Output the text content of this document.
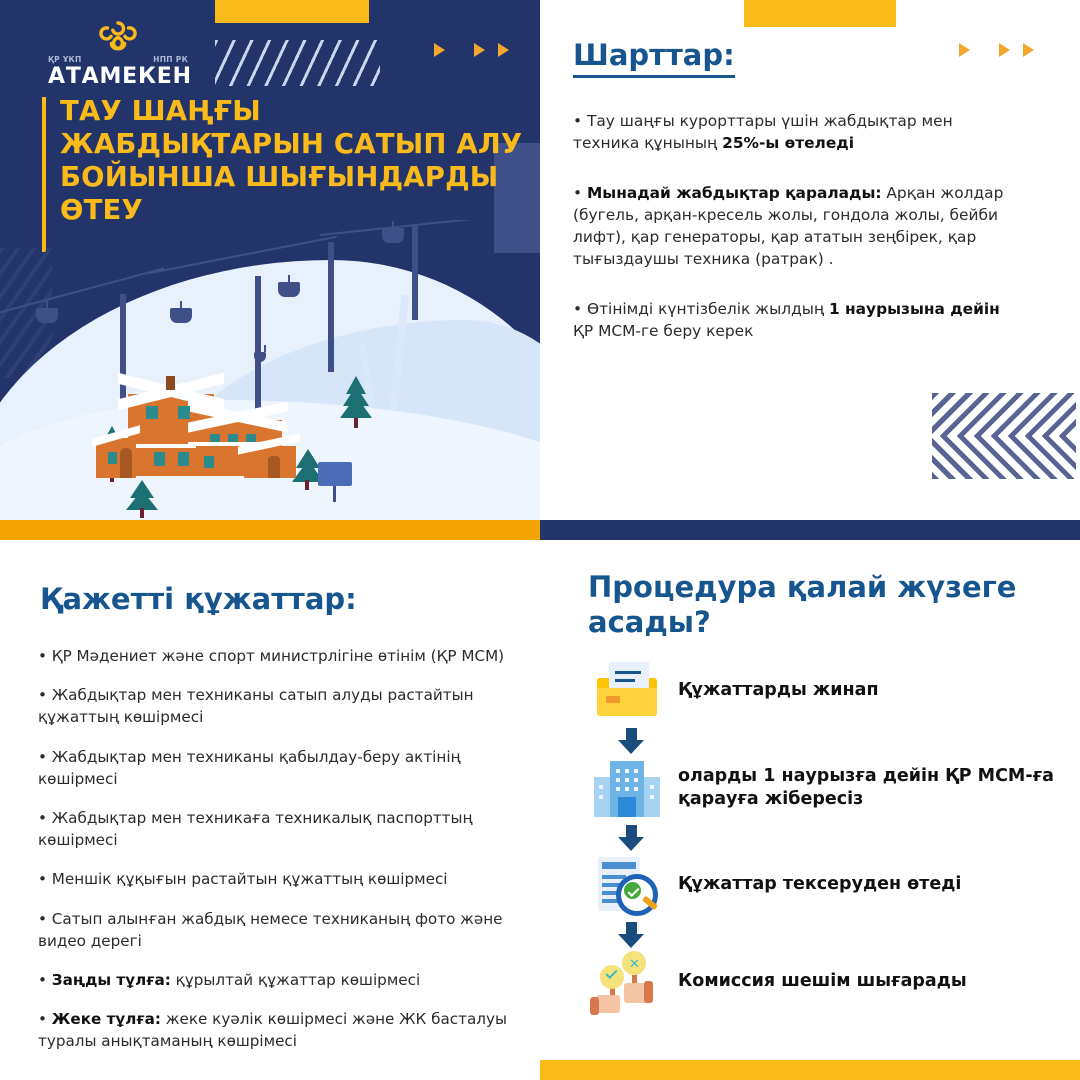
ҚР ҰКП	НПП РК
АТАМЕКЕН
ТАУ ШАҢҒЫ ЖАБДЫҚТАРЫН САТЫП АЛУ БОЙЫНША ШЫҒЫНДАРДЫ ӨТЕУ
Шарттар:

• Тау шаңғы курорттары үшін жабдықтар мен техника құнының 25%-ы өтеледі

• Мынадай жабдықтар қаралады: Арқан жолдар (бугель, арқан-кресель жолы, гондола жолы, бейби лифт), қар генераторы, қар ататын зеңбірек, қар тығыздаушы техника (ратрак) .

• Өтінімді күнтізбелік жылдың 1 наурызына дейін ҚР МСМ-ге беру керек

Қажетті құжаттар:

• ҚР Мәдениет және спорт министрлігіне өтінім (ҚР МСМ)

• Жабдықтар мен техниканы сатып алуды растайтын құжаттың көшірмесі

• Жабдықтар мен техниканы қабылдау-беру актінің көшірмесі

• Жабдықтар мен техникаға техникалық паспорттың көшірмесі

• Меншік құқығын растайтын құжаттың көшірмесі

• Сатып алынған жабдық немесе техниканың фото және видео дерегі

• Заңды тұлға: құрылтай құжаттар көшірмесі

• Жеке тұлға: жеке куәлік көшірмесі және ЖК басталуы туралы анықтаманың көшрімесі

Процедура қалай жүзеге асады?
Құжаттарды жинап
оларды 1 наурызға дейін ҚР МСМ-ға қарауға жібересіз
Құжаттар тексеруден өтеді
✕
Комиссия шешім шығарады
